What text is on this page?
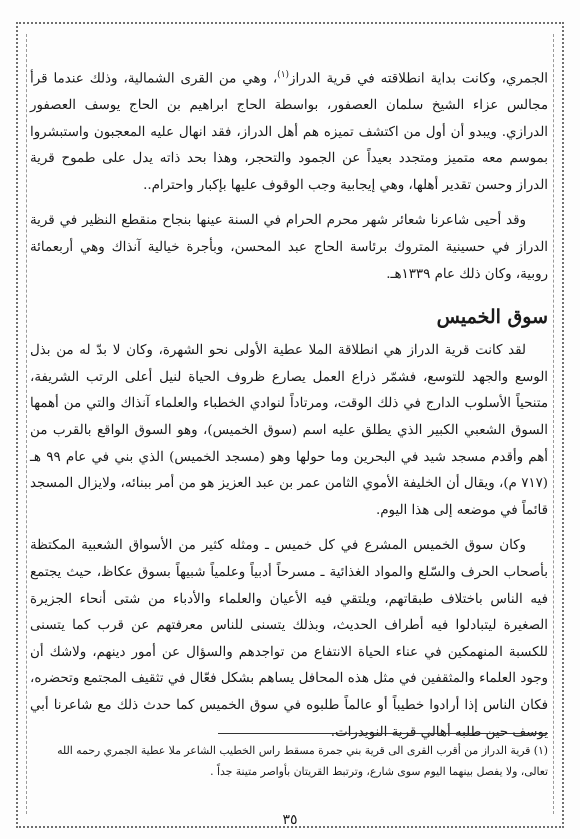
الجمري، وكانت بداية انطلاقته في قرية الدراز$^{(١)}$، وهي من القرى الشمالية، وذلك عندما قرأ مجالس عزاء الشيخ سلمان العصفور، بواسطة الحاج ابراهيم بن الحاج يوسف العصفور الدرازي. ويبدو أن أول من اكتشف تميزه هم أهل الدراز، فقد انهال عليه المعجبون واستبشروا بموسم معه متميز ومتجدد بعيداً عن الجمود والتحجر، وهذا بحد ذاته يدل على طموح قرية الدراز وحسن تقدير أهلها، وهي إيجابية وجب الوقوف عليها بإكبار واحترام..

وقد أحيى شاعرنا شعائر شهر محرم الحرام في السنة عينها بنجاح منقطع النظير في قرية الدراز في حسينية المتروك برئاسة الحاج عبد المحسن، وبأجرة خيالية آنذاك وهي أربعمائة روبية، وكان ذلك عام ١٣٣٩هـ.

سوق الخميس

لقد كانت قرية الدراز هي انطلاقة الملا عطية الأولى نحو الشهرة، وكان لا بدّ له من بذل الوسع والجهد للتوسع، فشمّر ذراع العمل يصارع ظروف الحياة لنيل أعلى الرتب الشريفة، متنحياً الأسلوب الدارج في ذلك الوقت، ومرتاداً لنوادي الخطباء والعلماء آنذاك والتي من أهمها السوق الشعبي الكبير الذي يطلق عليه اسم (سوق الخميس)، وهو السوق الواقع بالقرب من أهم وأقدم مسجد شيد في البحرين وما حولها وهو (مسجد الخميس) الذي بني في عام ٩٩ هـ (٧١٧ م)، ويقال أن الخليفة الأموي الثامن عمر بن عبد العزيز هو من أمر ببنائه، ولايزال المسجد قائماً في موضعه إلى هذا اليوم.

وكان سوق الخميس المشرع في كل خميس ـ ومثله كثير من الأسواق الشعبية المكتظة بأصحاب الحرف والسّلع والمواد الغذائية ـ مسرحاً أدبياً وعلمياً شبيهاً بسوق عكاظ، حيث يجتمع فيه الناس باختلاف طبقاتهم، ويلتقي فيه الأعيان والعلماء والأدباء من شتى أنحاء الجزيرة الصغيرة ليتبادلوا فيه أطراف الحديث، وبذلك يتسنى للناس معرفتهم عن قرب كما يتسنى للكسبة المنهمكين في عناء الحياة الانتفاع من تواجدهم والسؤال عن أمور دينهم، ولاشك أن وجود العلماء والمثقفين في مثل هذه المحافل يساهم بشكل فعّال في تثقيف المجتمع وتحضره، فكان الناس إذا أرادوا خطيباً أو عالماً طلبوه في سوق الخميس كما حدث ذلك مع شاعرنا أبي يوسف حين طلبه أهالي قرية النويدرات.

(١) قرية الدراز من أقرب القرى الى قرية بني جمرة مسقط راس الخطيب الشاعر ملا عطية الجمري رحمه الله تعالى، ولا يفصل بينهما اليوم سوى شارع، وترتبط القريتان بأواصر متينة جداً .
٣٥
